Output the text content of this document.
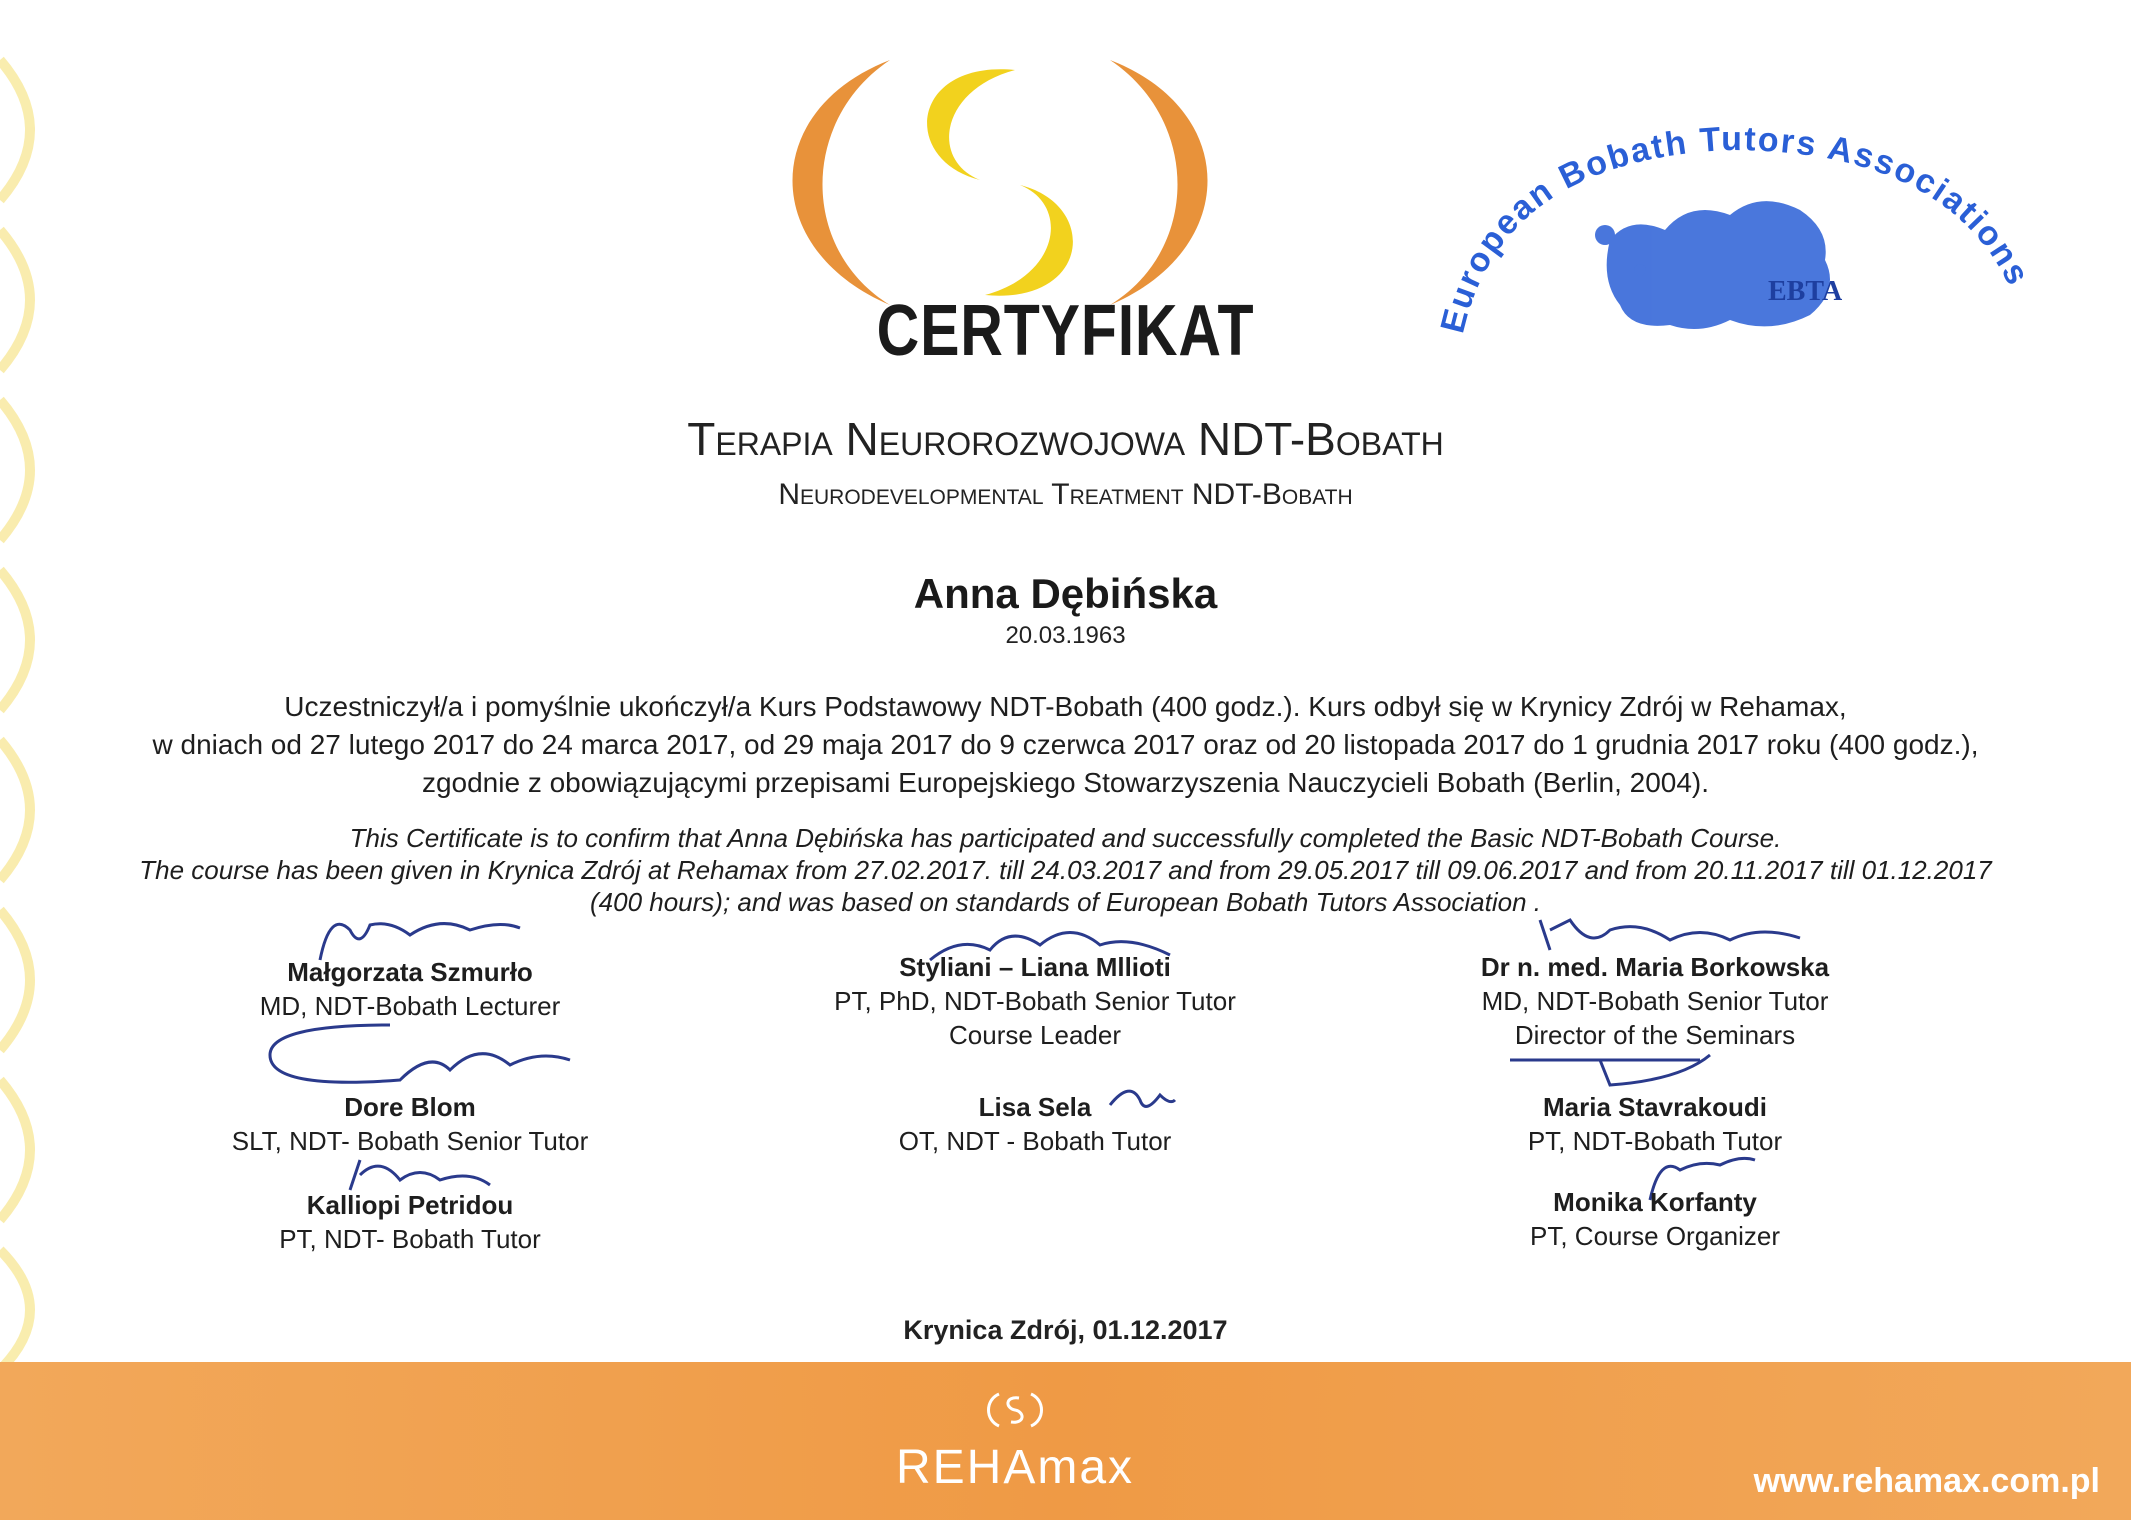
European Bobath Tutors Associations
EBTA
CERTYFIKAT
Terapia Neurorozwojowa NDT-Bobath
Neurodevelopmental Treatment NDT-Bobath
Anna Dębińska
20.03.1963
Uczestniczył/a i pomyślnie ukończył/a Kurs Podstawowy NDT-Bobath (400 godz.). Kurs odbył się w Krynicy Zdrój w Rehamax,
w dniach od 27 lutego 2017 do 24 marca 2017, od 29 maja 2017 do 9 czerwca 2017 oraz od 20 listopada 2017 do 1 grudnia 2017 roku (400 godz.),
zgodnie z obowiązującymi przepisami Europejskiego Stowarzyszenia Nauczycieli Bobath (Berlin, 2004).
This Certificate is to confirm that Anna Dębińska has participated and successfully completed the Basic NDT-Bobath Course.
The course has been given in Krynica Zdrój at Rehamax from 27.02.2017. till 24.03.2017 and from 29.05.2017 till 09.06.2017 and from 20.11.2017 till 01.12.2017
(400 hours); and was based on standards of European Bobath Tutors Association .
Małgorzata Szmurło
MD, NDT-Bobath Lecturer
Dore Blom
SLT, NDT- Bobath Senior Tutor
Kalliopi Petridou
PT, NDT- Bobath Tutor
Styliani – Liana Mllioti
PT, PhD, NDT-Bobath Senior Tutor
Course Leader
Lisa Sela
OT, NDT - Bobath Tutor
Dr n. med. Maria Borkowska
MD, NDT-Bobath Senior Tutor
Director of the Seminars
Maria Stavrakoudi
PT, NDT-Bobath Tutor
Monika Korfanty
PT, Course Organizer
Krynica Zdrój, 01.12.2017
REHAmax	www.rehamax.com.pl
